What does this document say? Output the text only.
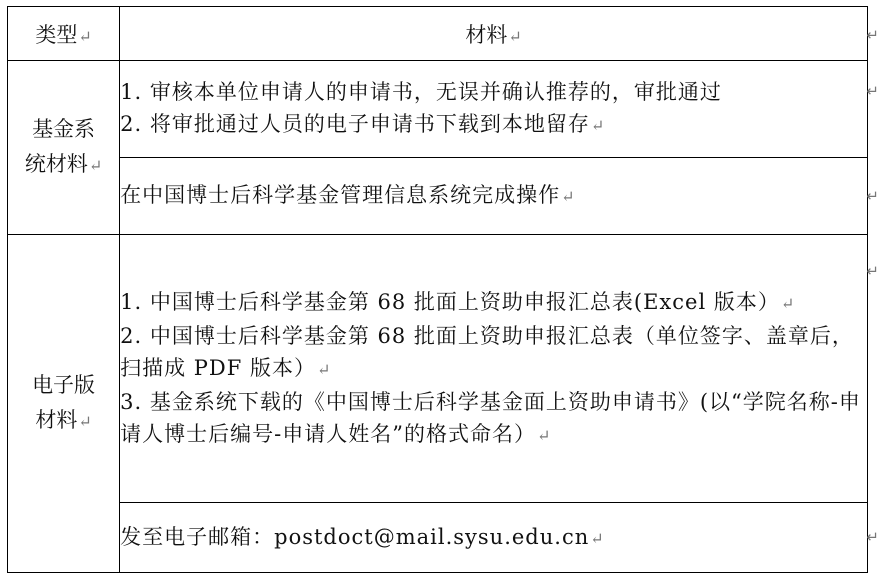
类型↵	材料↵

基金系
统材料↵	1. 审核本单位申请人的申请书，无误并确认推荐的，审批通过
2. 将审批通过人员的电子申请书下载到本地留存↵

	在中国博士后科学基金管理信息系统完成操作↵

电子版
材料↵	1. 中国博士后科学基金第 68 批面上资助申报汇总表(Excel 版本）↵
2. 中国博士后科学基金第 68 批面上资助申报汇总表（单位签字、盖章后，扫描成 PDF 版本）↵
3. 基金系统下载的《中国博士后科学基金面上资助申请书》(以“学院名称-申请人博士后编号-申请人姓名”的格式命名）↵

	发至电子邮箱：postdoct@mail.sysu.edu.cn↵
↵
↵
↵
↵
↵
